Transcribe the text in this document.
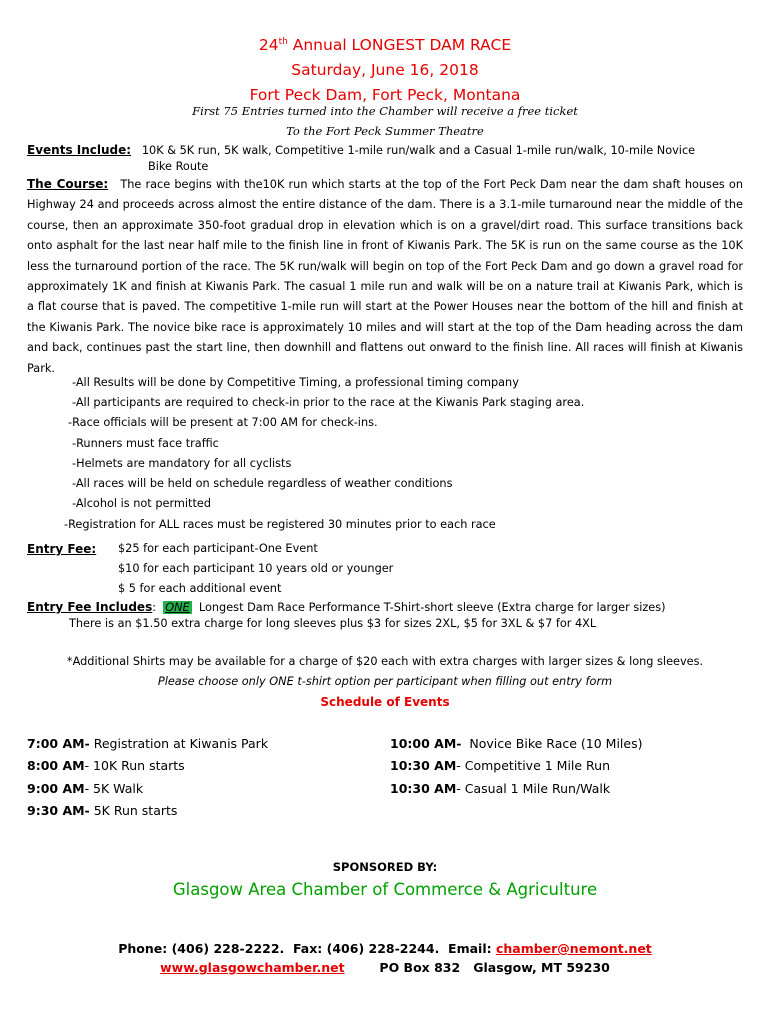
24th Annual LONGEST DAM RACE
Saturday, June 16, 2018
Fort Peck Dam, Fort Peck, Montana
First 75 Entries turned into the Chamber will receive a free ticket
To the Fort Peck Summer Theatre
Events Include: 10K & 5K run, 5K walk, Competitive 1-mile run/walk and a Casual 1-mile run/walk, 10-mile Novice
Bike Route
The Course: The race begins with the10K run which starts at the top of the Fort Peck Dam near the dam shaft houses on Highway 24 and proceeds across almost the entire distance of the dam. There is a 3.1-mile turnaround near the middle of the course, then an approximate 350-foot gradual drop in elevation which is on a gravel/dirt road. This surface transitions back onto asphalt for the last near half mile to the finish line in front of Kiwanis Park. The 5K is run on the same course as the 10K less the turnaround portion of the race. The 5K run/walk will begin on top of the Fort Peck Dam and go down a gravel road for approximately 1K and finish at Kiwanis Park. The casual 1 mile run and walk will be on a nature trail at Kiwanis Park, which is a flat course that is paved. The competitive 1-mile run will start at the Power Houses near the bottom of the hill and finish at the Kiwanis Park. The novice bike race is approximately 10 miles and will start at the top of the Dam heading across the dam and back, continues past the start line, then downhill and flattens out onward to the finish line. All races will finish at Kiwanis Park.
-All Results will be done by Competitive Timing, a professional timing company
-All participants are required to check-in prior to the race at the Kiwanis Park staging area.
-Race officials will be present at 7:00 AM for check-ins.
-Runners must face traffic
-Helmets are mandatory for all cyclists
-All races will be held on schedule regardless of weather conditions
-Alcohol is not permitted
-Registration for ALL races must be registered 30 minutes prior to each race
Entry Fee: $25 for each participant-One Event
$10 for each participant 10 years old or younger
$ 5 for each additional event
Entry Fee Includes: ONE Longest Dam Race Performance T-Shirt-short sleeve (Extra charge for larger sizes)
There is an $1.50 extra charge for long sleeves plus $3 for sizes 2XL, $5 for 3XL & $7 for 4XL
*Additional Shirts may be available for a charge of $20 each with extra charges with larger sizes & long sleeves.
Please choose only ONE t-shirt option per participant when filling out entry form
Schedule of Events
7:00 AM- Registration at Kiwanis Park
8:00 AM- 10K Run starts
9:00 AM- 5K Walk
9:30 AM- 5K Run starts
10:00 AM-  Novice Bike Race (10 Miles)
10:30 AM- Competitive 1 Mile Run
10:30 AM- Casual 1 Mile Run/Walk
SPONSORED BY:
Glasgow Area Chamber of Commerce & Agriculture
Phone: (406) 228-2222.  Fax: (406) 228-2244.  Email: chamber@nemont.net
www.glasgowchamber.net	PO Box 832   Glasgow, MT 59230
